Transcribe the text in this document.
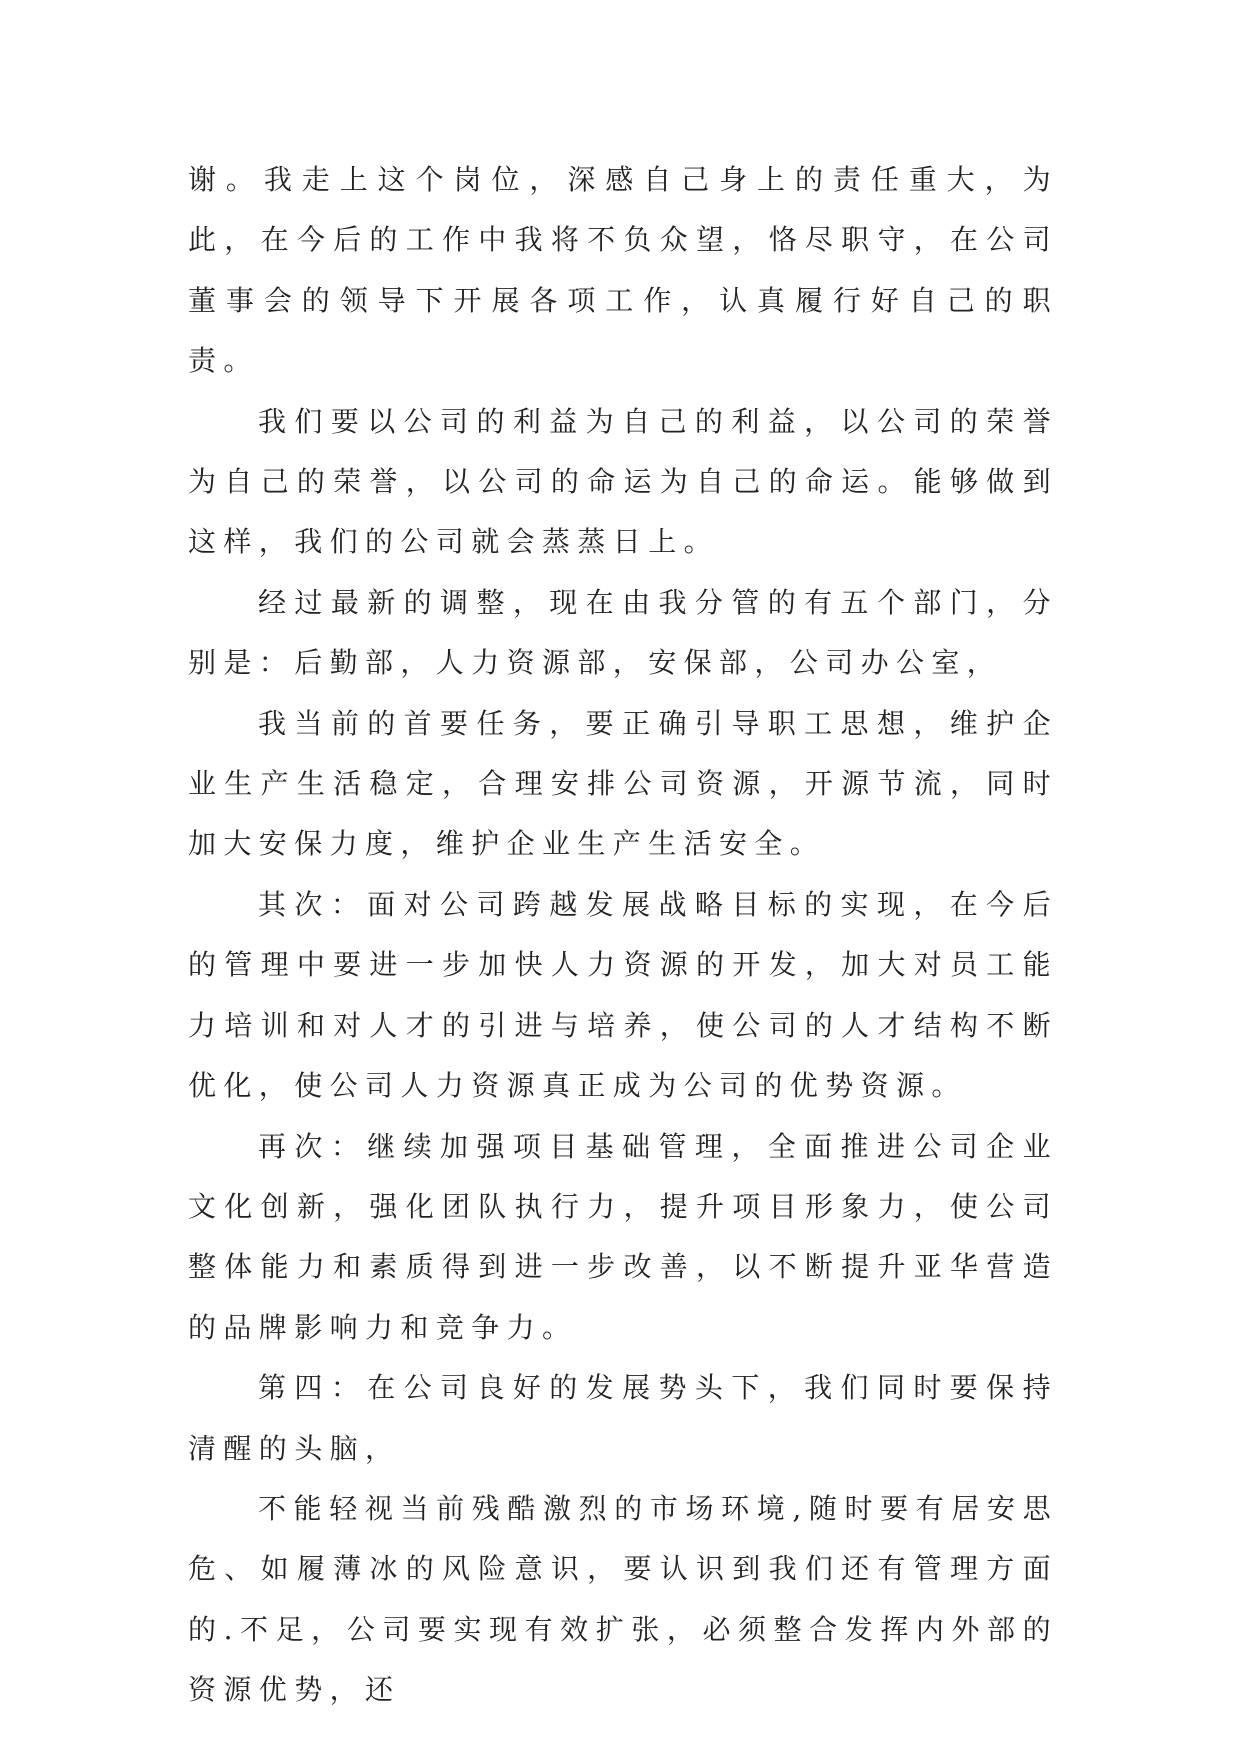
谢。我走上这个岗位，深感自己身上的责任重大，为此，在今后的工作中我将不负众望，恪尽职守，在公司董事会的领导下开展各项工作，认真履行好自己的职责。

我们要以公司的利益为自己的利益，以公司的荣誉为自己的荣誉，以公司的命运为自己的命运。能够做到这样，我们的公司就会蒸蒸日上。

经过最新的调整，现在由我分管的有五个部门，分别是：后勤部，人力资源部，安保部，公司办公室，

我当前的首要任务，要正确引导职工思想，维护企业生产生活稳定，合理安排公司资源，开源节流，同时加大安保力度，维护企业生产生活安全。

其次：面对公司跨越发展战略目标的实现，在今后的管理中要进一步加快人力资源的开发，加大对员工能力培训和对人才的引进与培养，使公司的人才结构不断优化，使公司人力资源真正成为公司的优势资源。

再次：继续加强项目基础管理，全面推进公司企业文化创新，强化团队执行力，提升项目形象力，使公司整体能力和素质得到进一步改善，以不断提升亚华营造的品牌影响力和竞争力。

第四：在公司良好的发展势头下，我们同时要保持清醒的头脑，

不能轻视当前残酷激烈的市场环境,随时要有居安思危、如履薄冰的风险意识，要认识到我们还有管理方面的.不足，公司要实现有效扩张，必须整合发挥内外部的资源优势，还
